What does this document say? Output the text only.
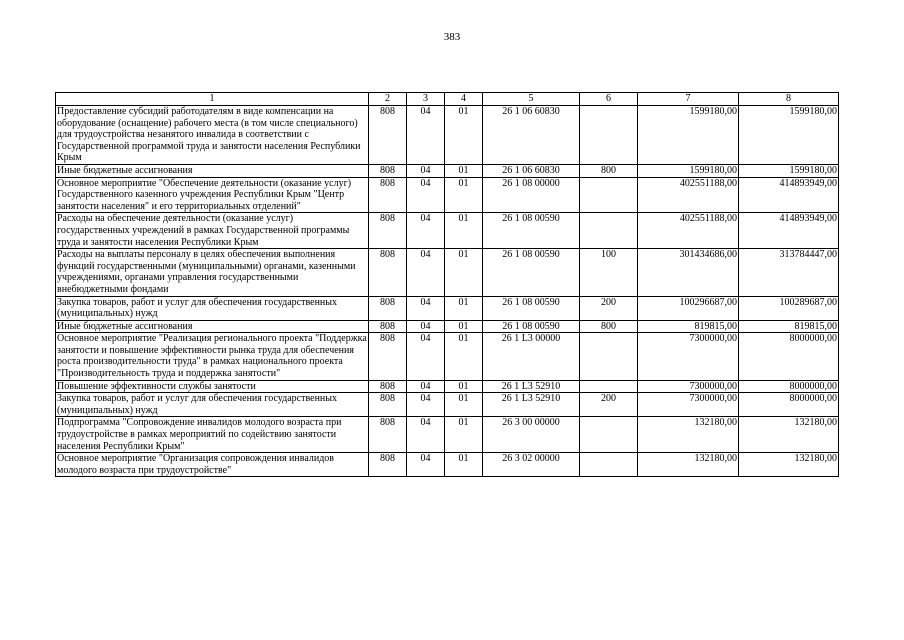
383
1	2	3	4	5	6	7	8
Предоставление субсидий работодателям в виде компенсации на оборудование (оснащение) рабочего места (в том числе специального) для трудоустройства незанятого инвалида в соответствии с Государственной программой труда и занятости населения Республики Крым	808	04	01	26 1 06 60830		1599180,00	1599180,00
Иные бюджетные ассигнования	808	04	01	26 1 06 60830	800	1599180,00	1599180,00
Основное мероприятие "Обеспечение деятельности (оказание услуг) Государственного казенного учреждения Республики Крым "Центр занятости населения" и его территориальных отделений"	808	04	01	26 1 08 00000		402551188,00	414893949,00
Расходы на обеспечение деятельности (оказание услуг) государственных учреждений в рамках Государственной программы труда и занятости населения Республики Крым	808	04	01	26 1 08 00590		402551188,00	414893949,00
Расходы на выплаты персоналу в целях обеспечения выполнения функций государственными (муниципальными) органами, казенными учреждениями, органами управления государственными внебюджетными фондами	808	04	01	26 1 08 00590	100	301434686,00	313784447,00
Закупка товаров, работ и услуг для обеспечения государственных (муниципальных) нужд	808	04	01	26 1 08 00590	200	100296687,00	100289687,00
Иные бюджетные ассигнования	808	04	01	26 1 08 00590	800	819815,00	819815,00
Основное мероприятие "Реализация регионального проекта "Поддержка занятости и повышение эффективности рынка труда для обеспечения роста производительности труда" в рамках национального проекта "Производительность труда и поддержка занятости"	808	04	01	26 1 L3 00000		7300000,00	8000000,00
Повышение эффективности службы занятости	808	04	01	26 1 L3 52910		7300000,00	8000000,00
Закупка товаров, работ и услуг для обеспечения государственных (муниципальных) нужд	808	04	01	26 1 L3 52910	200	7300000,00	8000000,00
Подпрограмма "Сопровождение инвалидов молодого возраста при трудоустройстве в рамках мероприятий по содействию занятости населения Республики Крым"	808	04	01	26 3 00 00000		132180,00	132180,00
Основное мероприятие "Организация сопровождения инвалидов молодого возраста при трудоустройстве"	808	04	01	26 3 02 00000		132180,00	132180,00
